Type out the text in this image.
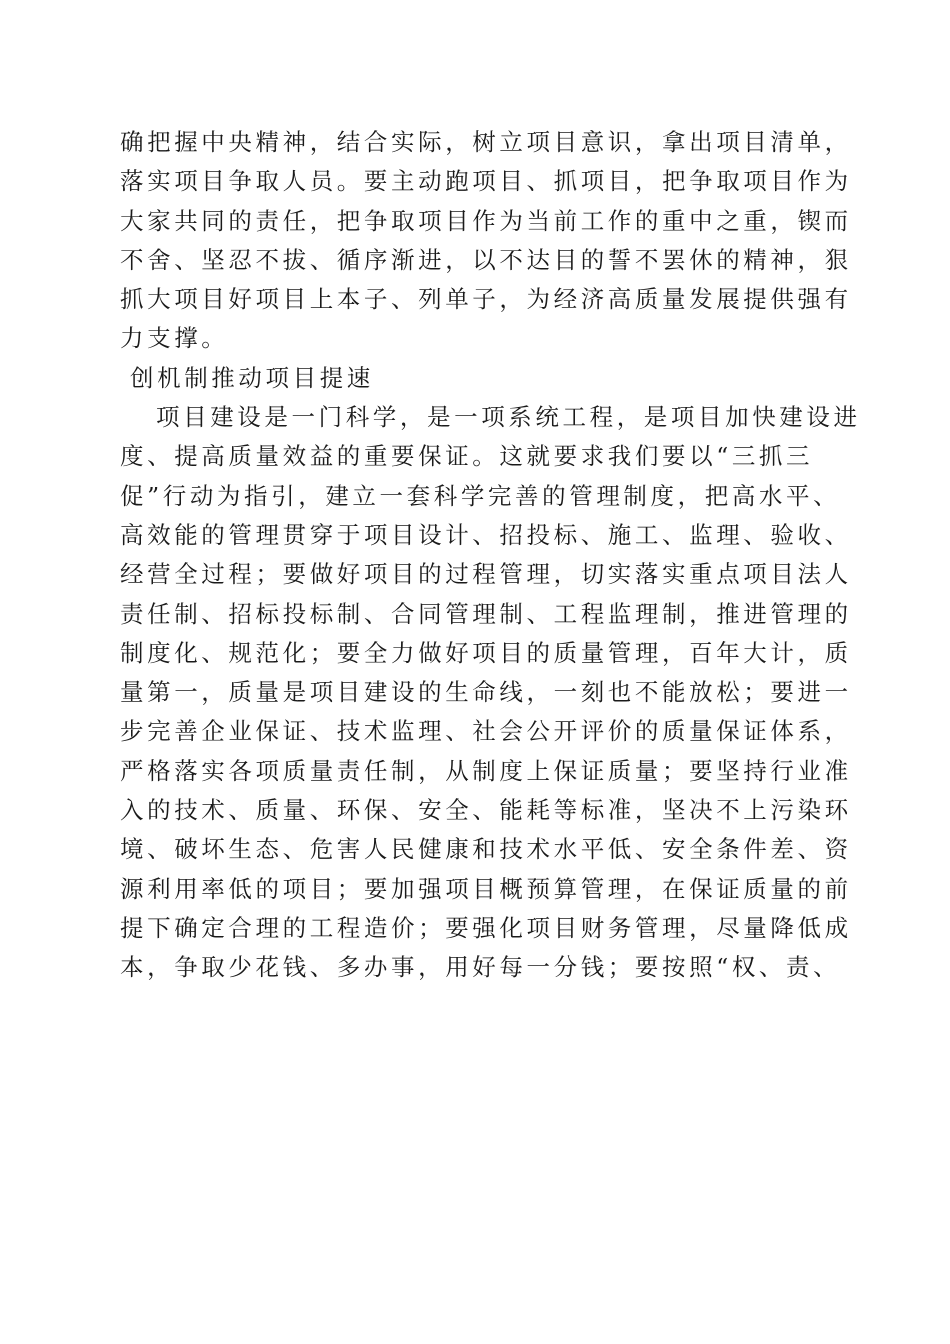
确把握中央精神，结合实际，树立项目意识，拿出项目清单，
落实项目争取人员。要主动跑项目、抓项目，把争取项目作为
大家共同的责任，把争取项目作为当前工作的重中之重，锲而
不舍、坚忍不拔、循序渐进，以不达目的誓不罢休的精神，狠
抓大项目好项目上本子、列单子，为经济高质量发展提供强有
力支撑。
创机制推动项目提速
项目建设是一门科学，是一项系统工程，是项目加快建设进
度、提高质量效益的重要保证。这就要求我们要以“三抓三
促”行动为指引，建立一套科学完善的管理制度，把高水平、
高效能的管理贯穿于项目设计、招投标、施工、监理、验收、
经营全过程；要做好项目的过程管理，切实落实重点项目法人
责任制、招标投标制、合同管理制、工程监理制，推进管理的
制度化、规范化；要全力做好项目的质量管理，百年大计，质
量第一，质量是项目建设的生命线，一刻也不能放松；要进一
步完善企业保证、技术监理、社会公开评价的质量保证体系，
严格落实各项质量责任制，从制度上保证质量；要坚持行业准
入的技术、质量、环保、安全、能耗等标准，坚决不上污染环
境、破坏生态、危害人民健康和技术水平低、安全条件差、资
源利用率低的项目；要加强项目概预算管理，在保证质量的前
提下确定合理的工程造价；要强化项目财务管理，尽量降低成
本，争取少花钱、多办事，用好每一分钱；要按照“权、责、
